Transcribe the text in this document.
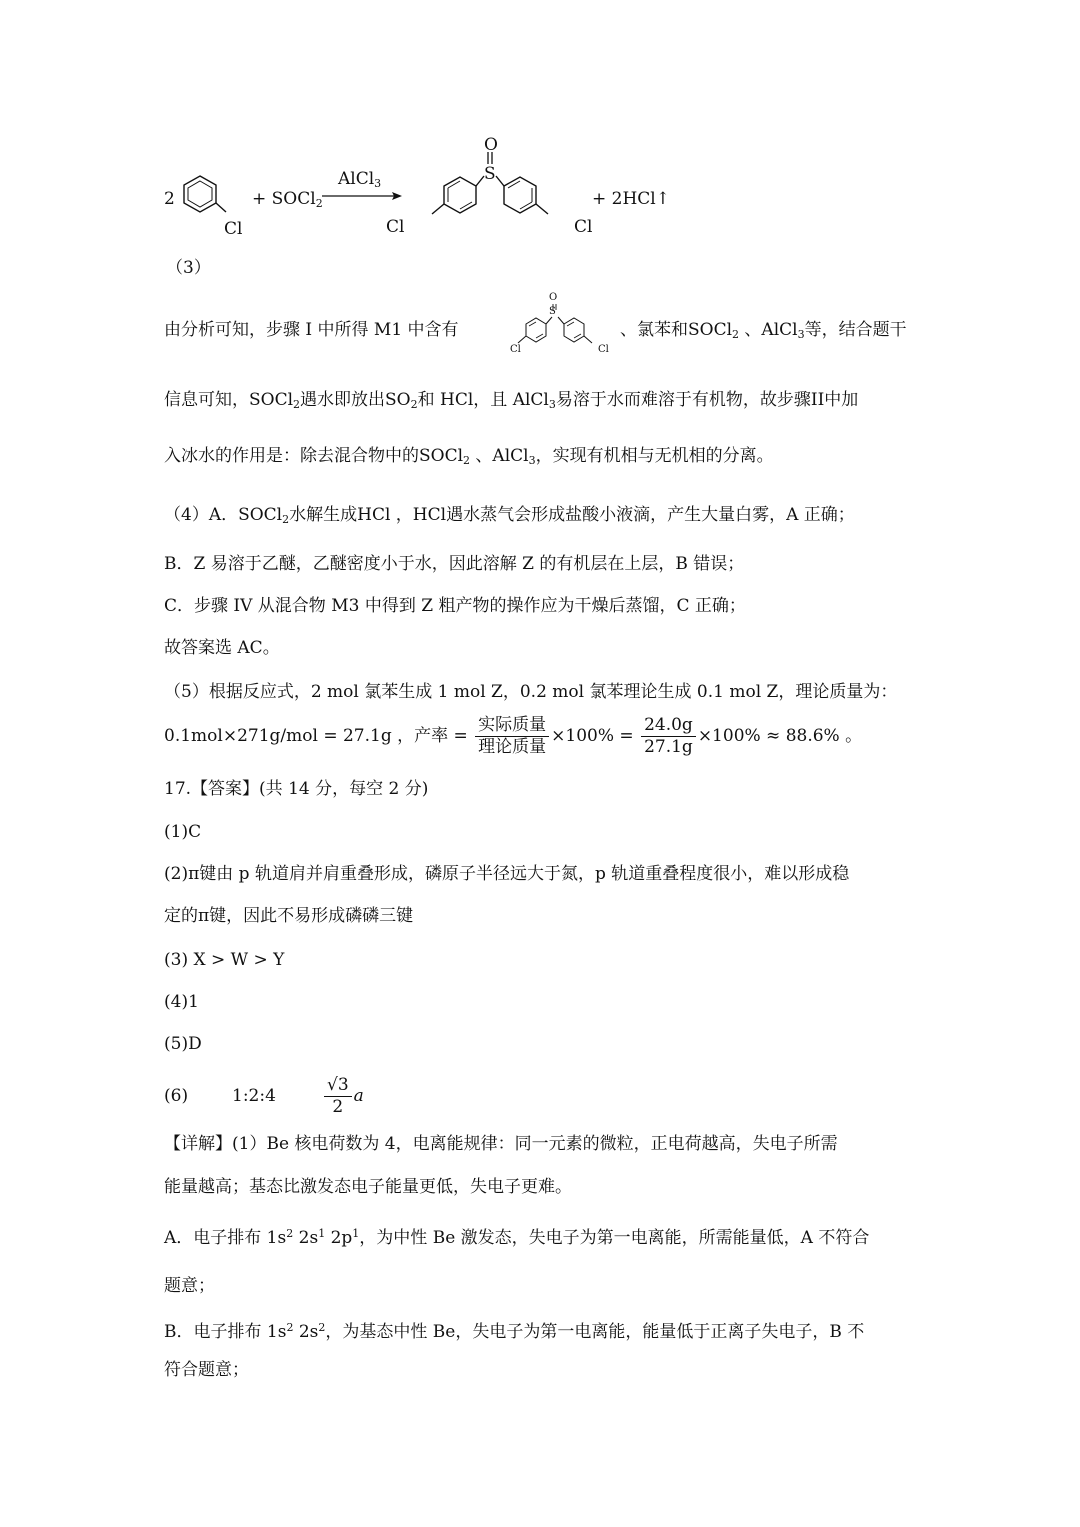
2
Cl
+ SOCl$_2$
AlCl$_3$
O
S
Cl	Cl
+ 2HCl↑
（3）
由分析可知，步骤 I 中所得 M1 中含有
O
S
Cl	Cl
、氯苯和SOCl$_2$ 、AlCl$_3$等，结合题干
信息可知，SOCl$_2$遇水即放出$SO_2$和 HCl，且 AlCl$_3$易溶于水而难溶于有机物，故步骤II中加
入冰水的作用是：除去混合物中的SOCl$_2$ 、AlCl$_3$，实现有机相与无机相的分离。
（4）A．SOCl$_2$水解生成HCl ，HCl遇水蒸气会形成盐酸小液滴，产生大量白雾，A 正确；
B．Z 易溶于乙醚，乙醚密度小于水，因此溶解 Z 的有机层在上层，B 错误；
C．步骤 IV 从混合物 M3 中得到 Z 粗产物的操作应为干燥后蒸馏，C 正确；
故答案选 AC。
（5）根据反应式，2 mol 氯苯生成 1 mol Z，0.2 mol 氯苯理论生成 0.1 mol Z，理论质量为：
0.1mol×271g/mol = 27.1g ，产率 = $\frac{\text{实际质量}}{\text{理论质量}} \times 100\% = \frac{24.0g}{27.1g} \times 100\% \approx 88.6\%$ 。
17.【答案】(共 14 分，每空 2 分)
(1)C
(2)π键由 p 轨道肩并肩重叠形成，磷原子半径远大于氮，p 轨道重叠程度很小，难以形成稳
定的π键，因此不易形成磷磷三键
(3) X > W > Y
(4)1
(5)D
(6)	1:2:4	$\frac{√3}{2}$ a
【详解】(1）Be 核电荷数为 4，电离能规律：同一元素的微粒，正电荷越高，失电子所需
能量越高；基态比激发态电子能量更低，失电子更难。
A．电子排布 $1s^2$ $2s^1$ $2p^1$，为中性 Be 激发态，失电子为第一电离能，所需能量低，A 不符合
题意；
B．电子排布 $1s^2$ $2s^2$，为基态中性 Be，失电子为第一电离能，能量低于正离子失电子，B 不
符合题意；
